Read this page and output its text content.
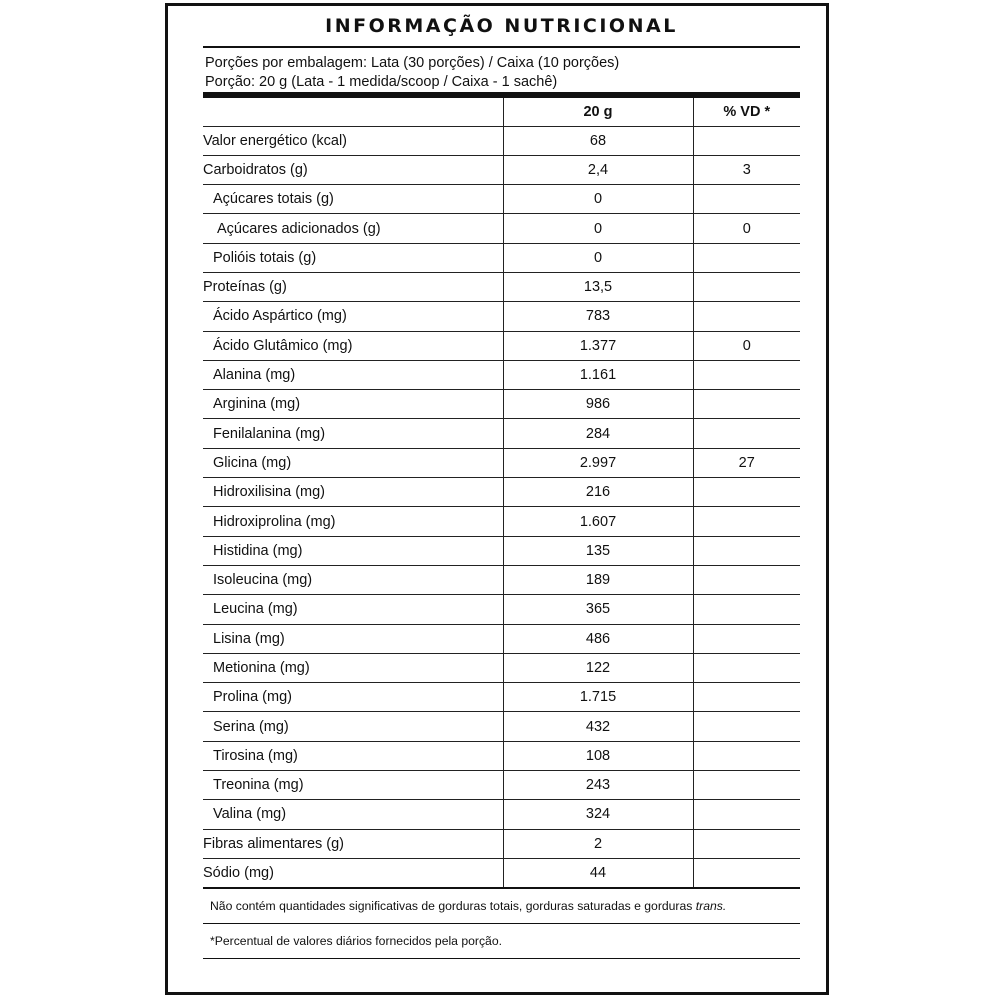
INFORMAÇÃO NUTRICIONAL
Porções por embalagem: Lata (30 porções) / Caixa (10 porções)
Porção: 20 g (Lata - 1 medida/scoop / Caixa - 1 sachê)
	20 g	% VD *
Valor energético (kcal)	68	
Carboidratos (g)	2,4	3
Açúcares totais (g)	0	
Açúcares adicionados (g)	0	0
Polióis totais (g)	0	
Proteínas (g)	13,5	
Ácido Aspártico (mg)	783	
Ácido Glutâmico (mg)	1.377	0
Alanina (mg)	1.161	
Arginina (mg)	986	
Fenilalanina (mg)	284	
Glicina (mg)	2.997	27
Hidroxilisina (mg)	216	
Hidroxiprolina (mg)	1.607	
Histidina (mg)	135	
Isoleucina (mg)	189	
Leucina (mg)	365	
Lisina (mg)	486	
Metionina (mg)	122	
Prolina (mg)	1.715	
Serina (mg)	432	
Tirosina (mg)	108	
Treonina (mg)	243	
Valina (mg)	324	
Fibras alimentares (g)	2	
Sódio (mg)	44	
Não contém quantidades significativas de gorduras totais, gorduras saturadas e gorduras trans.
*Percentual de valores diários fornecidos pela porção.
